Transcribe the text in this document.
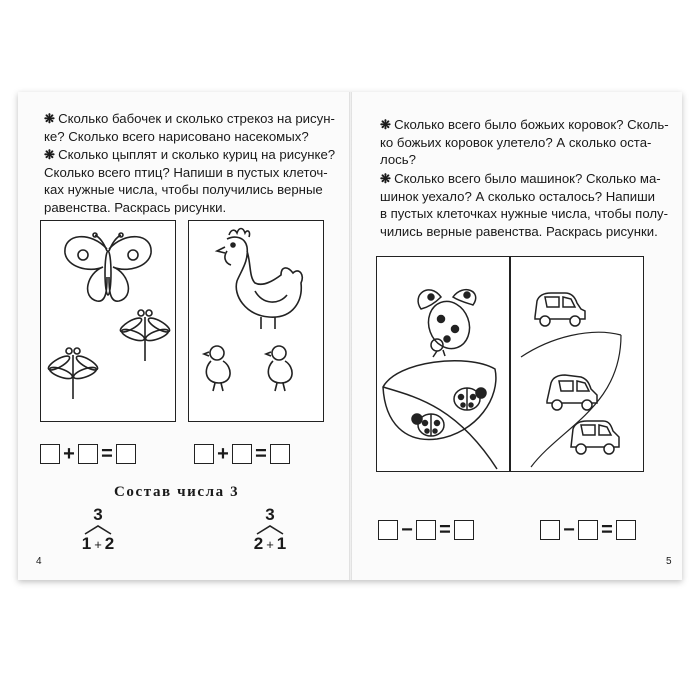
❋ Сколько бабочек и сколько стрекоз на рисун-

ке? Сколько всего нарисовано насекомых?

❋ Сколько цыплят и сколько куриц на рисунке?

Сколько всего птиц? Напиши в пустых клеточ-

ках нужные числа, чтобы получились верные

равенства. Раскрась рисунки.

+ =	+ =
Состав числа 3
3
1 + 2
3
2 + 1
4

❋ Сколько всего было божьих коровок? Сколь-

ко божьих коровок улетело? А сколько оста-

лось?

❋ Сколько всего было машинок? Сколько ма-

шинок уехало? А сколько осталось? Напиши

в пустых клеточках нужные числа, чтобы полу-

чились верные равенства. Раскрась рисунки.

− =	− =
5
